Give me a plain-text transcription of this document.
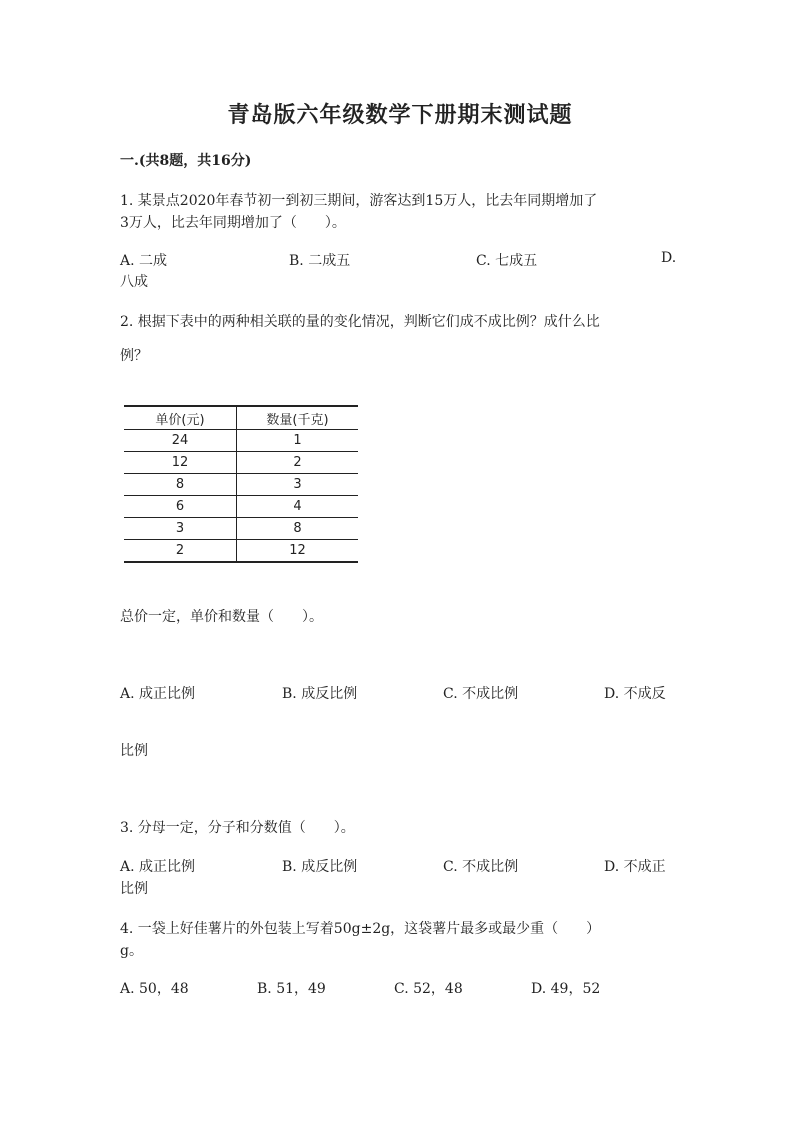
青岛版六年级数学下册期末测试题
一.(共8题，共16分)
1. 某景点2020年春节初一到初三期间，游客达到15万人，比去年同期增加了
3万人，比去年同期增加了（　　）。
A. 二成	B. 二成五	C. 七成五	D.
八成
2. 根据下表中的两种相关联的量的变化情况，判断它们成不成比例？成什么比
例？
单价(元)	数量(千克)
24	1
12	2
8	3
6	4
3	8
2	12
总价一定，单价和数量（　　）。
A. 成正比例	B. 成反比例	C. 不成比例	D. 不成反
比例
3. 分母一定，分子和分数值（　　）。
A. 成正比例	B. 成反比例	C. 不成比例	D. 不成正
比例
4. 一袋上好佳薯片的外包装上写着50g±2g，这袋薯片最多或最少重（　　）
g。
A. 50，48	B. 51，49	C. 52，48	D. 49，52
